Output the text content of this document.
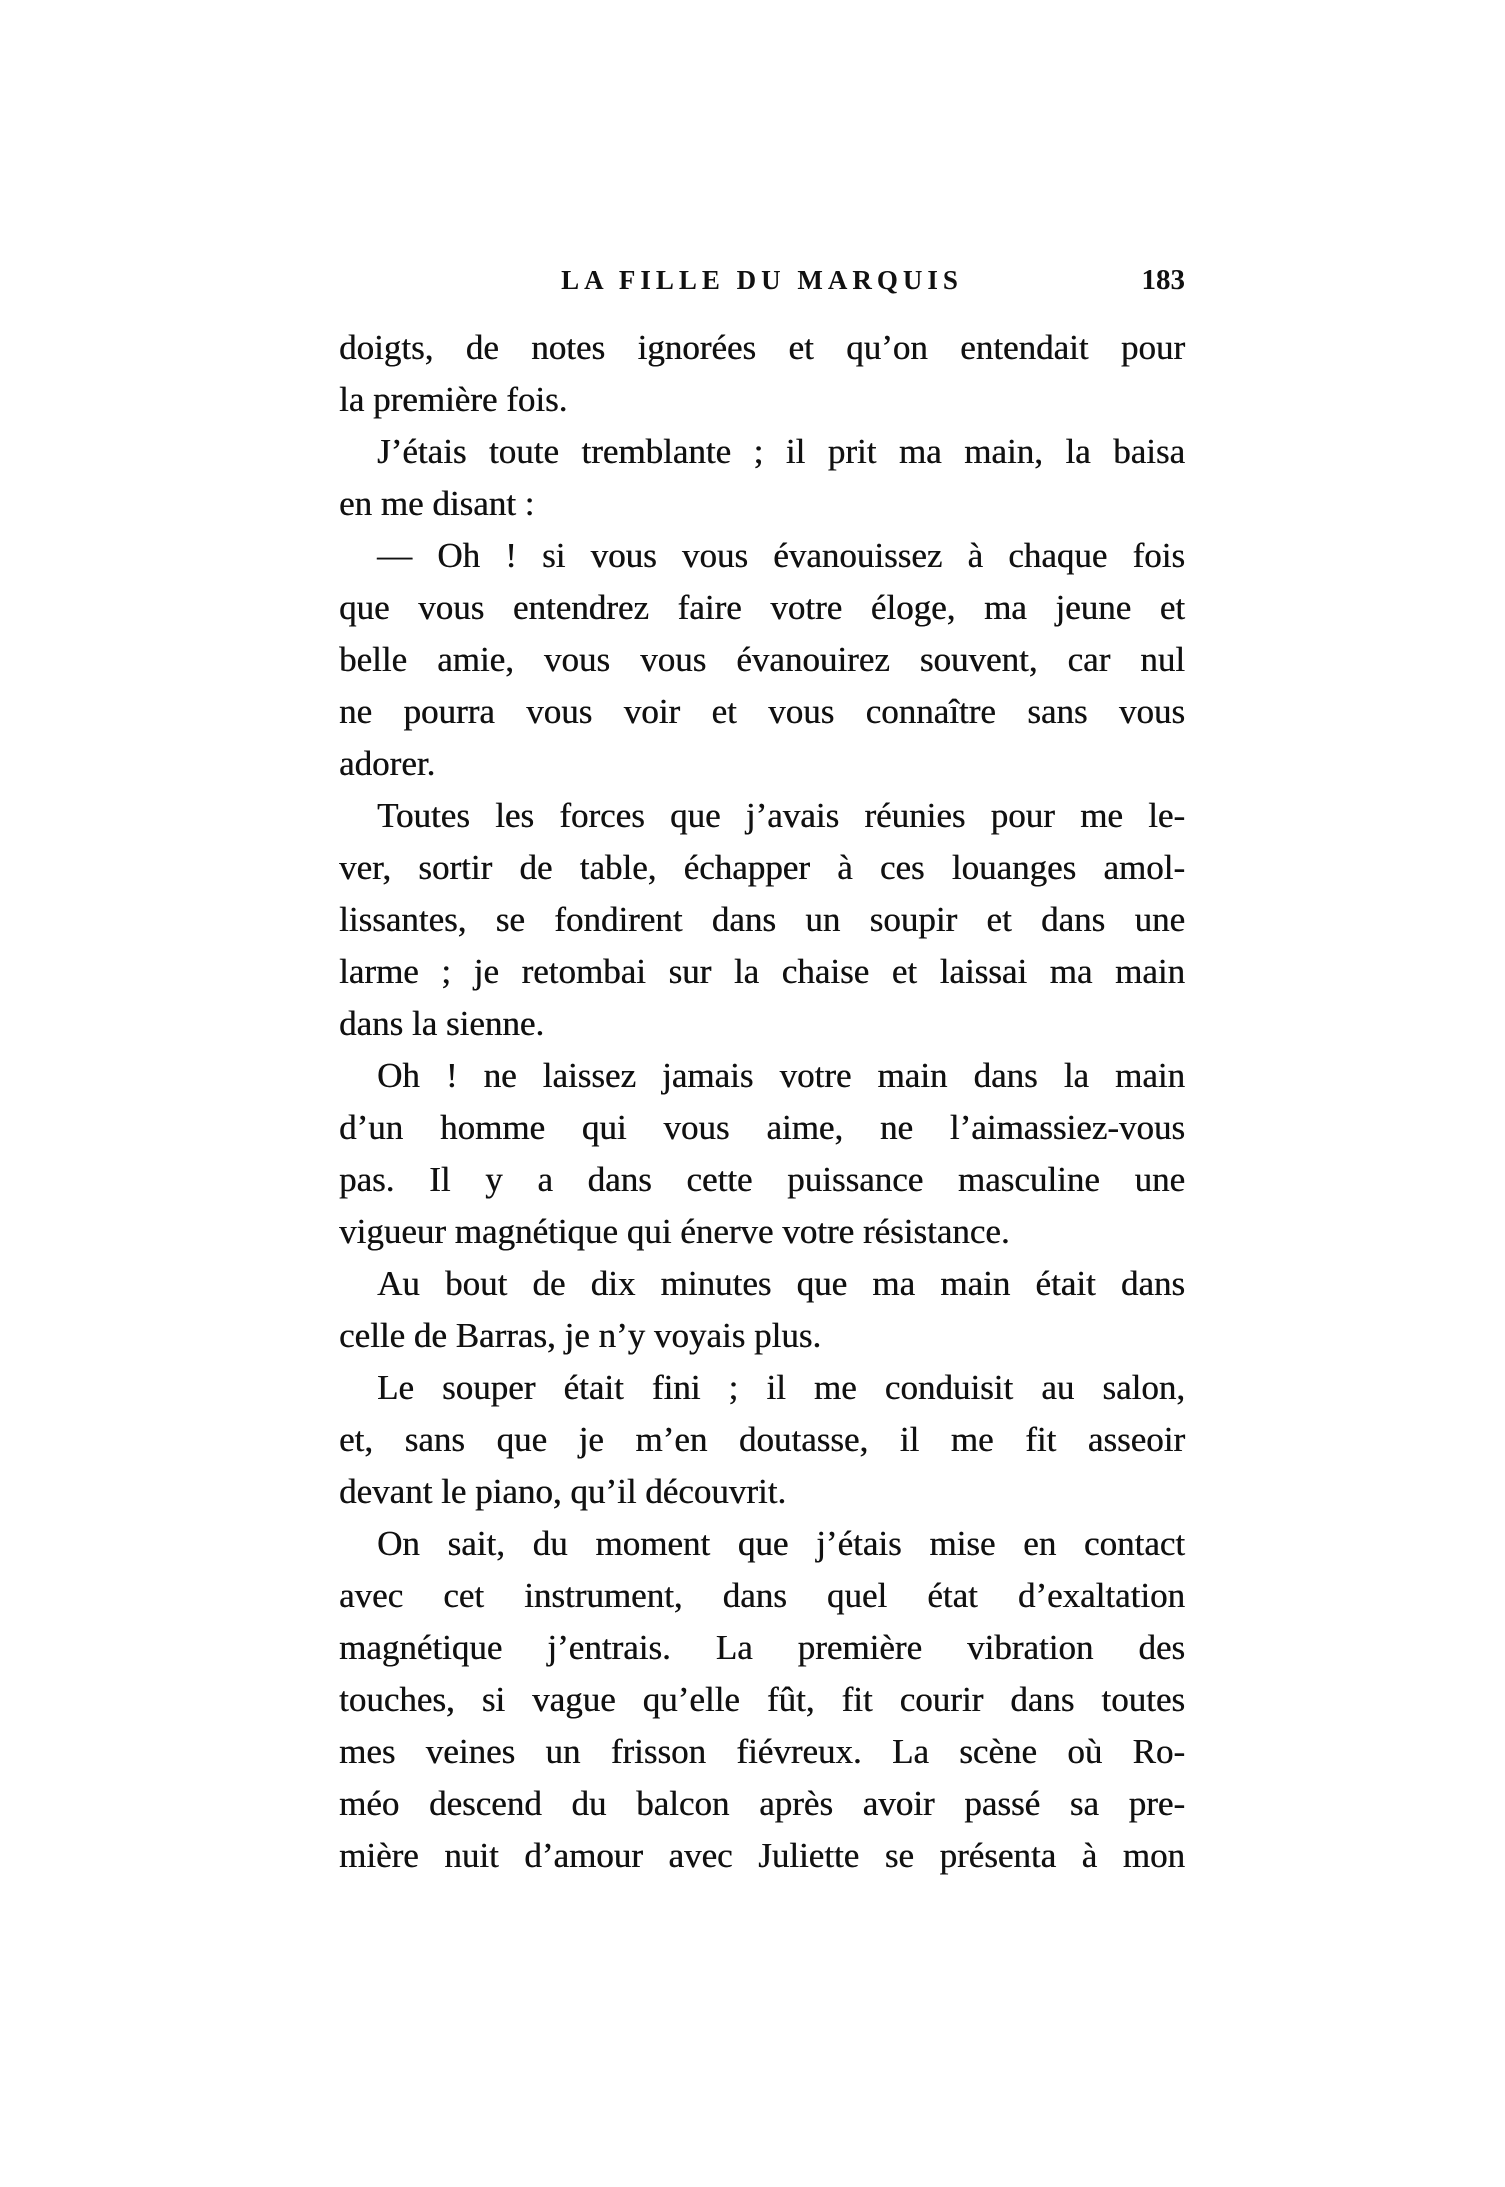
LA FILLE DU MARQUIS	183
doigts, de notes ignorées et qu’on entendait pour
la première fois.
J’étais toute tremblante ; il prit ma main, la baisa
en me disant :
— Oh ! si vous vous évanouissez à chaque fois
que vous entendrez faire votre éloge, ma jeune et
belle amie, vous vous évanouirez souvent, car nul
ne pourra vous voir et vous connaître sans vous
adorer.
Toutes les forces que j’avais réunies pour me le-
ver, sortir de table, échapper à ces louanges amol-
lissantes, se fondirent dans un soupir et dans une
larme ; je retombai sur la chaise et laissai ma main
dans la sienne.
Oh ! ne laissez jamais votre main dans la main
d’un homme qui vous aime, ne l’aimassiez-vous
pas. Il y a dans cette puissance masculine une
vigueur magnétique qui énerve votre résistance.
Au bout de dix minutes que ma main était dans
celle de Barras, je n’y voyais plus.
Le souper était fini ; il me conduisit au salon,
et, sans que je m’en doutasse, il me fit asseoir
devant le piano, qu’il découvrit.
On sait, du moment que j’étais mise en contact
avec cet instrument, dans quel état d’exaltation
magnétique j’entrais. La première vibration des
touches, si vague qu’elle fût, fit courir dans toutes
mes veines un frisson fiévreux. La scène où Ro-
méo descend du balcon après avoir passé sa pre-
mière nuit d’amour avec Juliette se présenta à mon
